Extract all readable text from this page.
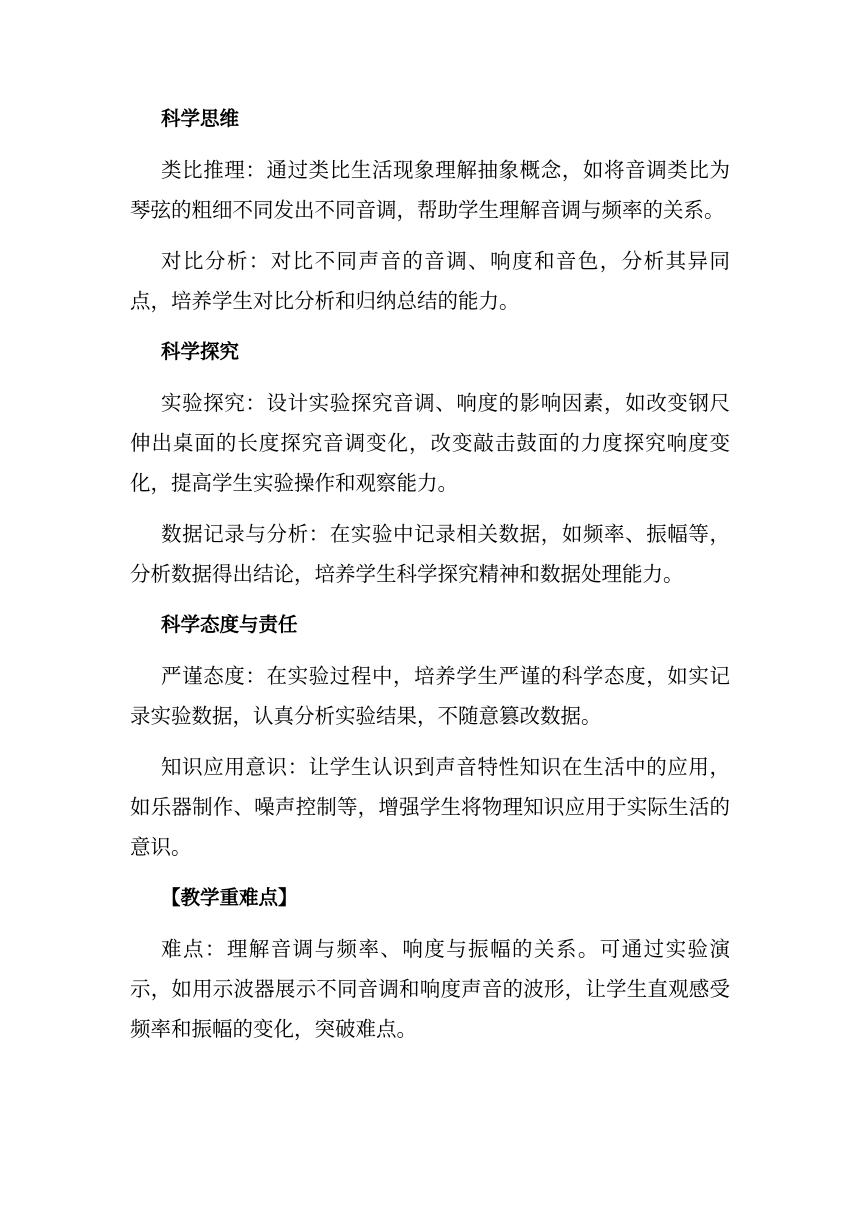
科学思维

类比推理：通过类比生活现象理解抽象概念，如将音调类比为琴弦的粗细不同发出不同音调，帮助学生理解音调与频率的关系。

对比分析：对比不同声音的音调、响度和音色，分析其异同点，培养学生对比分析和归纳总结的能力。

科学探究

实验探究：设计实验探究音调、响度的影响因素，如改变钢尺伸出桌面的长度探究音调变化，改变敲击鼓面的力度探究响度变化，提高学生实验操作和观察能力。

数据记录与分析：在实验中记录相关数据，如频率、振幅等，分析数据得出结论，培养学生科学探究精神和数据处理能力。

科学态度与责任

严谨态度：在实验过程中，培养学生严谨的科学态度，如实记录实验数据，认真分析实验结果，不随意篡改数据。

知识应用意识：让学生认识到声音特性知识在生活中的应用，如乐器制作、噪声控制等，增强学生将物理知识应用于实际生活的意识。

【教学重难点】

难点：理解音调与频率、响度与振幅的关系。可通过实验演示，如用示波器展示不同音调和响度声音的波形，让学生直观感受频率和振幅的变化，突破难点。
